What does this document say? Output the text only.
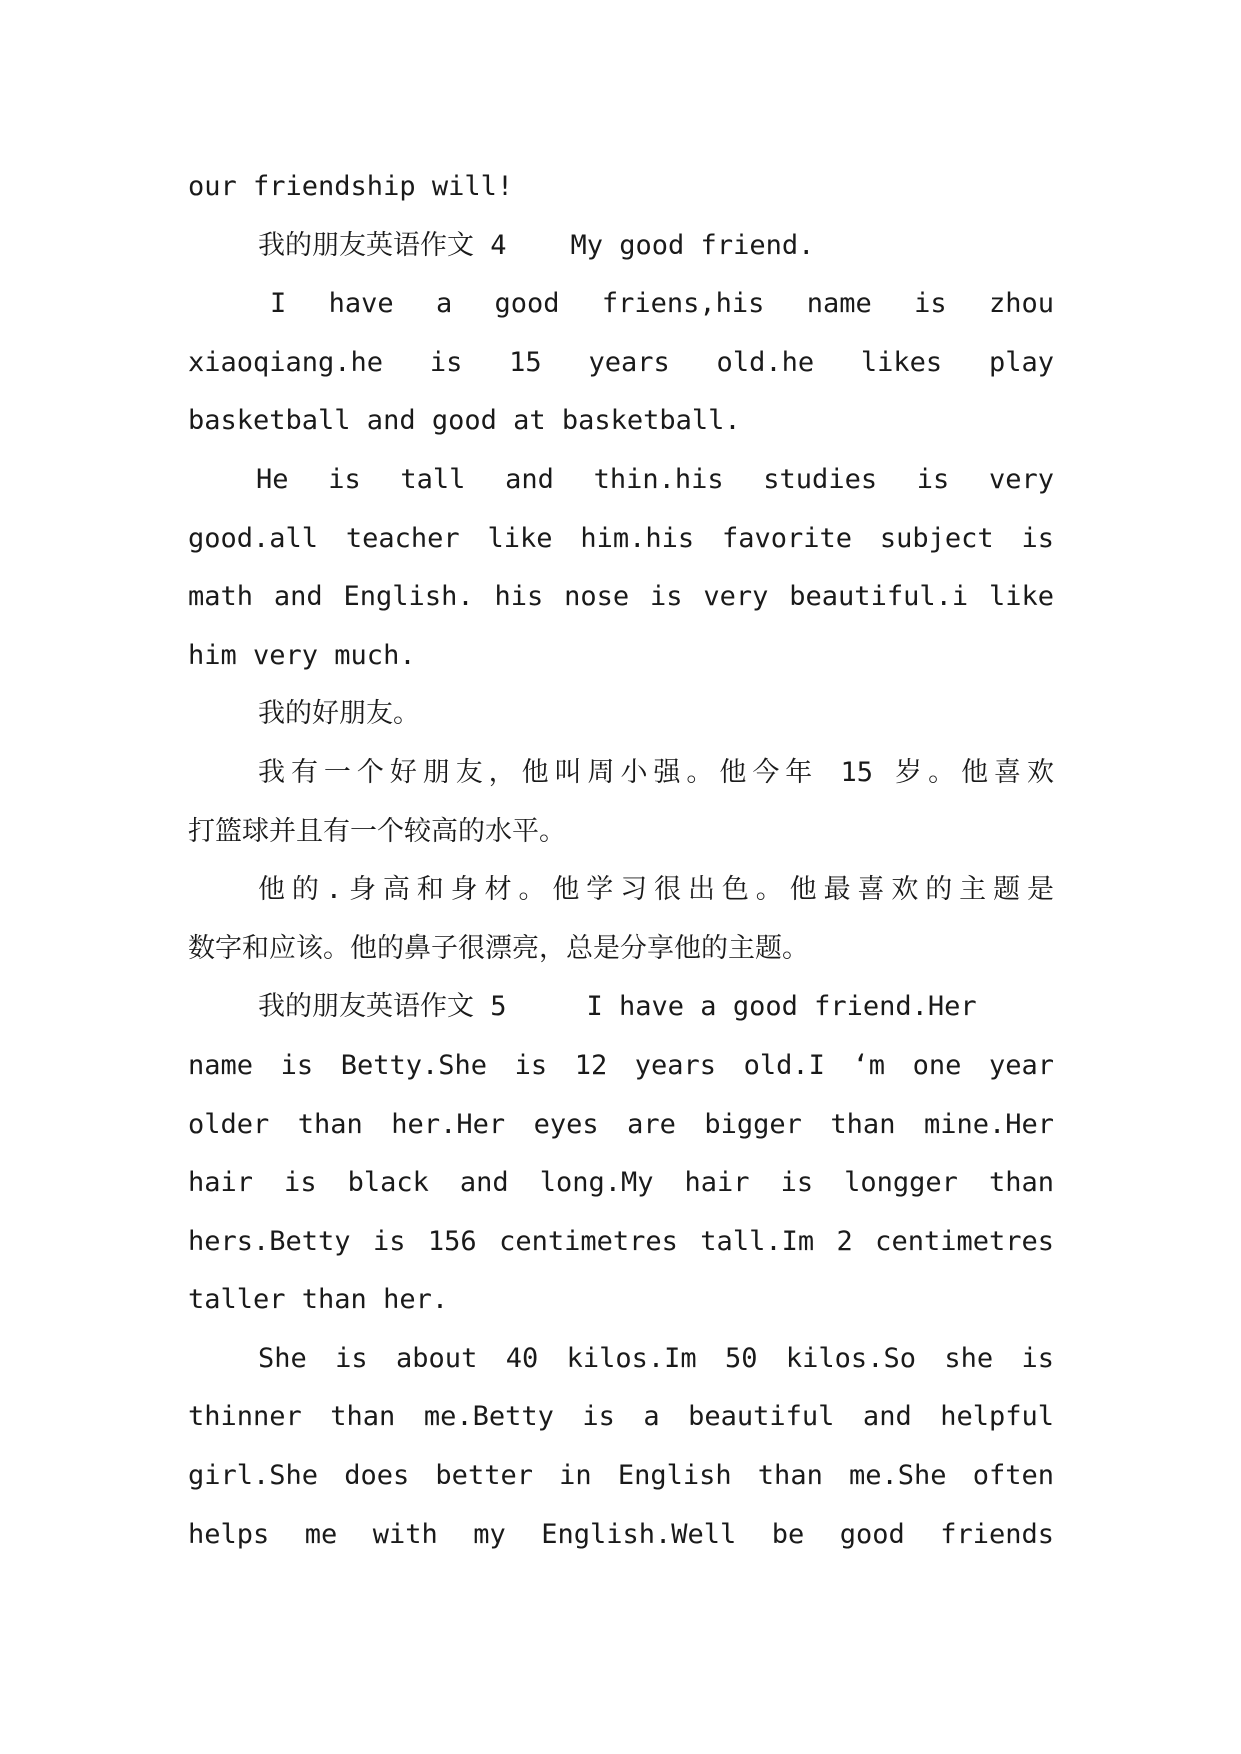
our friendship will!
我的朋友英语作文 4 My good friend.
I have a good friens,his name is zhou
xiaoqiang.he is 15 years old.he likes play
basketball and good at basketball.
He is tall and thin.his studies is very
good.all teacher like him.his favorite subject is
math and English. his nose is very beautiful.i like
him very much.
我的好朋友。
我有一个好朋友，他叫周小强。他今年 15 岁。他喜欢
打篮球并且有一个较高的水平。
他的.身高和身材。他学习很出色。他最喜欢的主题是
数字和应该。他的鼻子很漂亮，总是分享他的主题。
我的朋友英语作文 5	I have a good friend.Her
name is Betty.She is 12 years old.I ‘m one year
older than her.Her eyes are bigger than mine.Her
hair is black and long.My hair is longger than
hers.Betty is 156 centimetres tall.Im 2 centimetres
taller than her.
She is about 40 kilos.Im 50 kilos.So she is
thinner than me.Betty is a beautiful and helpful
girl.She does better in English than me.She often
helps me with my English.Well be good friends
